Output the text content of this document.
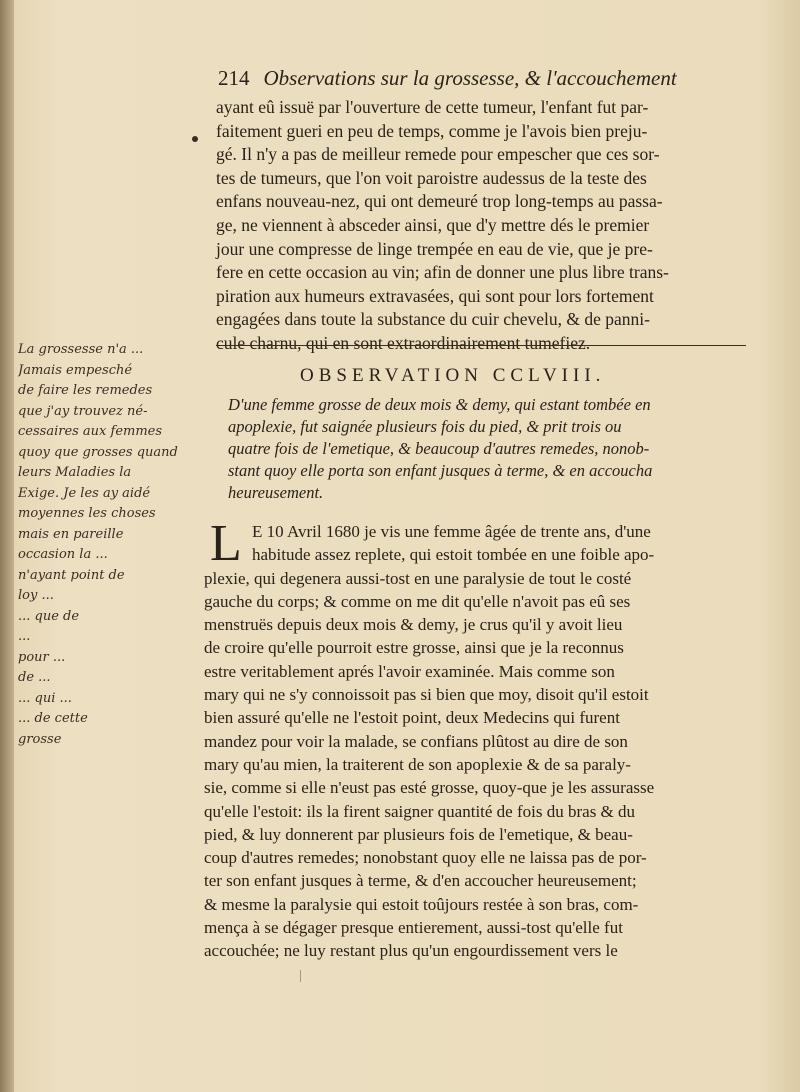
214 Observations sur la grossesse, & l'accouchement
ayant eû issuë par l'ouverture de cette tumeur, l'enfant fut par-
faitement gueri en peu de temps, comme je l'avois bien preju-
gé. Il n'y a pas de meilleur remede pour empescher que ces sor-
tes de tumeurs, que l'on voit paroistre audessus de la teste des
enfans nouveau-nez, qui ont demeuré trop long-temps au passa-
ge, ne viennent à absceder ainsi, que d'y mettre dés le premier
jour une compresse de linge trempée en eau de vie, que je pre-
fere en cette occasion au vin; afin de donner une plus libre trans-
piration aux humeurs extravasées, qui sont pour lors fortement
engagées dans toute la substance du cuir chevelu, & de panni-
cule charnu, qui en sont extraordinairement tumefiez.
OBSERVATION CCLVIII.
D'une femme grosse de deux mois & demy, qui estant tombée en
apoplexie, fut saignée plusieurs fois du pied, & prit trois ou
quatre fois de l'emetique, & beaucoup d'autres remedes, nonob-
stant quoy elle porta son enfant jusques à terme, & en accoucha
heureusement.
L E 10 Avril 1680 je vis une femme âgée de trente ans, d'une
habitude assez replete, qui estoit tombée en une foible apo-
plexie, qui degenera aussi-tost en une paralysie de tout le costé
gauche du corps; & comme on me dit qu'elle n'avoit pas eû ses
menstruës depuis deux mois & demy, je crus qu'il y avoit lieu
de croire qu'elle pourroit estre grosse, ainsi que je la reconnus
estre veritablement aprés l'avoir examinée. Mais comme son
mary qui ne s'y connoissoit pas si bien que moy, disoit qu'il estoit
bien assuré qu'elle ne l'estoit point, deux Medecins qui furent
mandez pour voir la malade, se confians plûtost au dire de son
mary qu'au mien, la traiterent de son apoplexie & de sa paraly-
sie, comme si elle n'eust pas esté grosse, quoy-que je les assurasse
qu'elle l'estoit: ils la firent saigner quantité de fois du bras & du
pied, & luy donnerent par plusieurs fois de l'emetique, & beau-
coup d'autres remedes; nonobstant quoy elle ne laissa pas de por-
ter son enfant jusques à terme, & d'en accoucher heureusement;
& mesme la paralysie qui estoit toûjours restée à son bras, com-
mença à se dégager presque entierement, aussi-tost qu'elle fut
accouchée; ne luy restant plus qu'un engourdissement vers le
La grossesse n'a ...
Jamais empesché
de faire les remedes
que j'ay trouvez né-
cessaires aux femmes
quoy que grosses quand
leurs Maladies la
Exige. Je les ay aidé
moyennes les choses
mais en pareille
occasion la ...
n'ayant point de
loy ...
... que de
...
pour ...
de ...
... qui ...
... de cette
grosse
